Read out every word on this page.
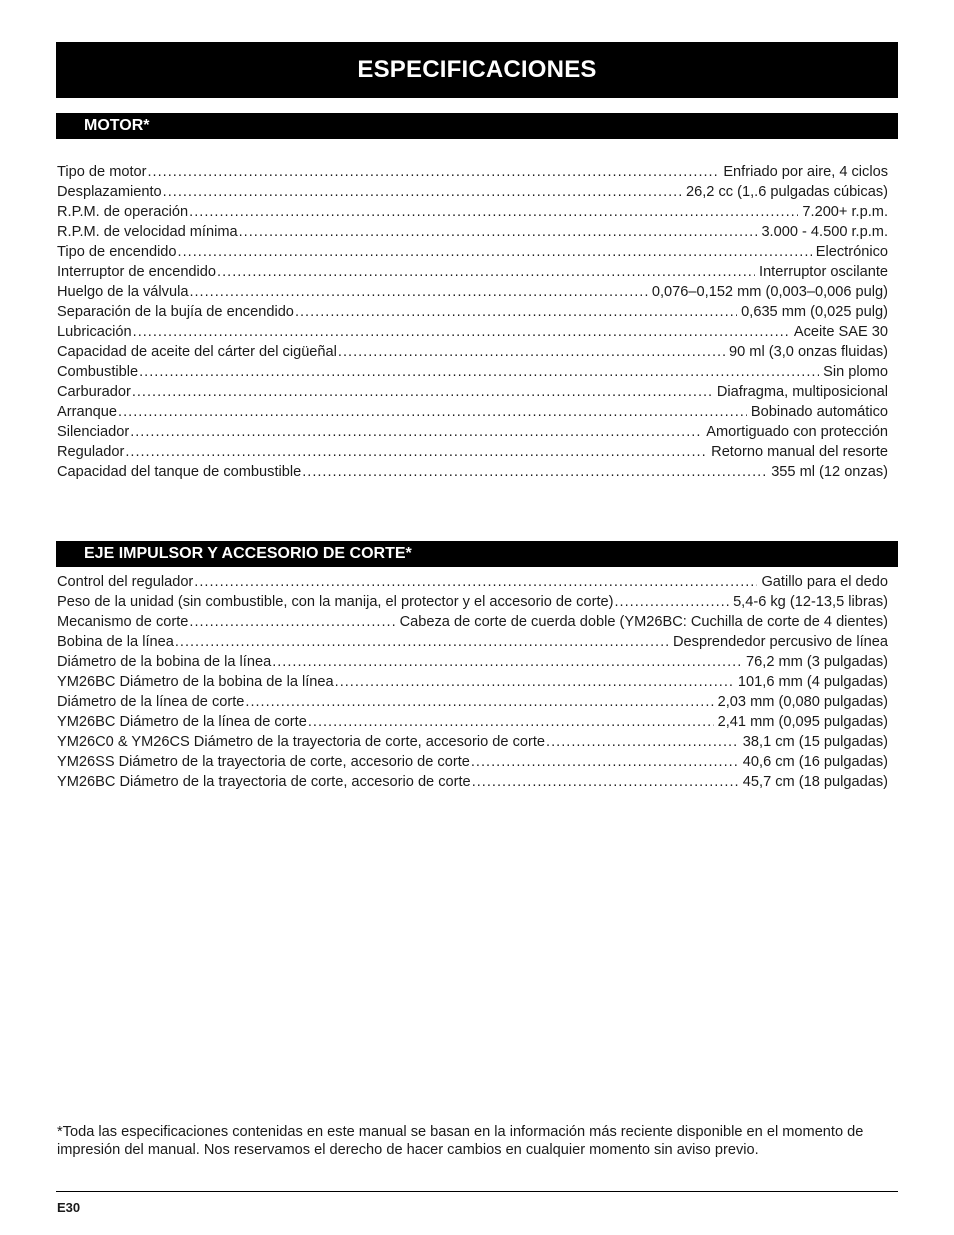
ESPECIFICACIONES
MOTOR*
Tipo de motor .....	Enfriado por aire, 4 ciclos
Desplazamiento .....	26,2 cc (1,.6 pulgadas cúbicas)
R.P.M. de operación .....	7.200+ r.p.m.
R.P.M. de velocidad mínima .....	3.000 - 4.500 r.p.m.
Tipo de encendido .....	Electrónico
Interruptor de encendido .....	Interruptor oscilante
Huelgo de la válvula .....	0,076–0,152 mm (0,003–0,006 pulg)
Separación de la bujía de encendido .....	0,635 mm (0,025 pulg)
Lubricación .....	Aceite SAE 30
Capacidad de aceite del cárter del cigüeñal .....	90 ml (3,0 onzas fluidas)
Combustible .....	Sin plomo
Carburador .....	Diafragma, multiposicional
Arranque .....	Bobinado automático
Silenciador .....	Amortiguado con protección
Regulador .....	Retorno manual del resorte
Capacidad del tanque de combustible .....	355 ml (12 onzas)
EJE IMPULSOR Y ACCESORIO DE CORTE*
Control del regulador .....	Gatillo para el dedo
Peso de la unidad (sin combustible, con la manija, el protector y el accesorio de corte) .....	5,4-6 kg (12-13,5 libras)
Mecanismo de corte .....	Cabeza de corte de cuerda doble (YM26BC: Cuchilla de corte de 4 dientes)
Bobina de la línea .....	Desprendedor percusivo de línea
Diámetro de la bobina de la línea .....	76,2 mm (3 pulgadas)
YM26BC Diámetro de la bobina de la línea .....	101,6 mm (4 pulgadas)
Diámetro de la línea de corte .....	2,03 mm (0,080 pulgadas)
YM26BC Diámetro de la línea de corte .....	2,41 mm (0,095 pulgadas)
YM26C0 & YM26CS Diámetro de la trayectoria de corte, accesorio de corte .....	38,1 cm (15 pulgadas)
YM26SS Diámetro de la trayectoria de corte, accesorio de corte .....	40,6 cm (16 pulgadas)
YM26BC Diámetro de la trayectoria de corte, accesorio de corte .....	45,7 cm (18 pulgadas)

*Toda las especificaciones contenidas en este manual se basan en la información más reciente disponible en el momento de impresión del manual. Nos reservamos el derecho de hacer cambios en cualquier momento sin aviso previo.

E30
